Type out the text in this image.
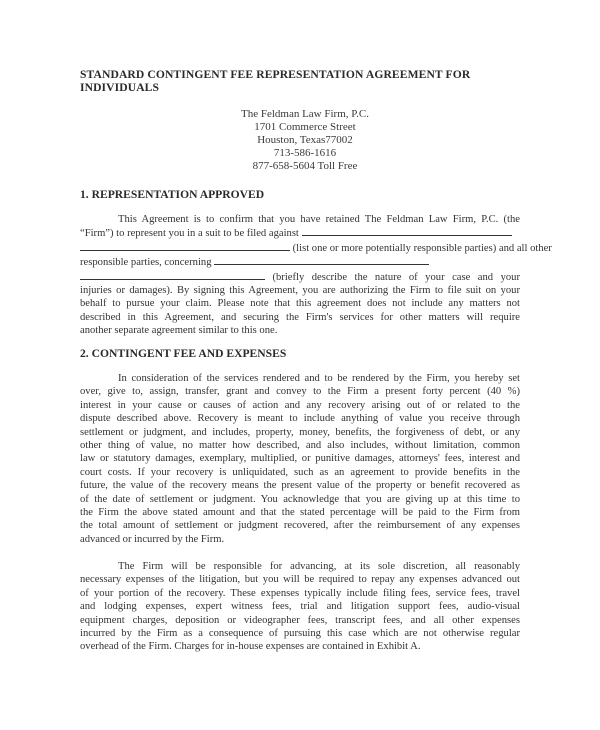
STANDARD CONTINGENT FEE REPRESENTATION AGREEMENT FOR
INDIVIDUALS
The Feldman Law Firm, P.C.
1701 Commerce Street
Houston, Texas77002
713-586-1616
877-658-5604 Toll Free
1. REPRESENTATION APPROVED
This Agreement is to confirm that you have retained The Feldman Law Firm, P.C. (the
“Firm”) to represent you in a suit to be filed against
(list one or more potentially responsible parties) and all other
responsible parties, concerning
(briefly describe the nature of your case and your
injuries or damages). By signing this Agreement, you are authorizing the Firm to file suit on your
behalf to pursue your claim. Please note that this agreement does not include any matters not
described in this Agreement, and securing the Firm's services for other matters will require
another separate agreement similar to this one.
2. CONTINGENT FEE AND EXPENSES
In consideration of the services rendered and to be rendered by the Firm, you hereby set
over, give to, assign, transfer, grant and convey to the Firm a present forty percent (40 %)
interest in your cause or causes of action and any recovery arising out of or related to the
dispute described above. Recovery is meant to include anything of value you receive through
settlement or judgment, and includes, property, money, benefits, the forgiveness of debt, or any
other thing of value, no matter how described, and also includes, without limitation, common
law or statutory damages, exemplary, multiplied, or punitive damages, attorneys' fees, interest and
court costs. If your recovery is unliquidated, such as an agreement to provide benefits in the
future, the value of the recovery means the present value of the property or benefit recovered as
of the date of settlement or judgment. You acknowledge that you are giving up at this time to
the Firm the above stated amount and that the stated percentage will be paid to the Firm from
the total amount of settlement or judgment recovered, after the reimbursement of any expenses
advanced or incurred by the Firm.
The Firm will be responsible for advancing, at its sole discretion, all reasonably
necessary expenses of the litigation, but you will be required to repay any expenses advanced out
of your portion of the recovery. These expenses typically include filing fees, service fees, travel
and lodging expenses, expert witness fees, trial and litigation support fees, audio-visual
equipment charges, deposition or videographer fees, transcript fees, and all other expenses
incurred by the Firm as a consequence of pursuing this case which are not otherwise regular
overhead of the Firm. Charges for in-house expenses are contained in Exhibit A.
